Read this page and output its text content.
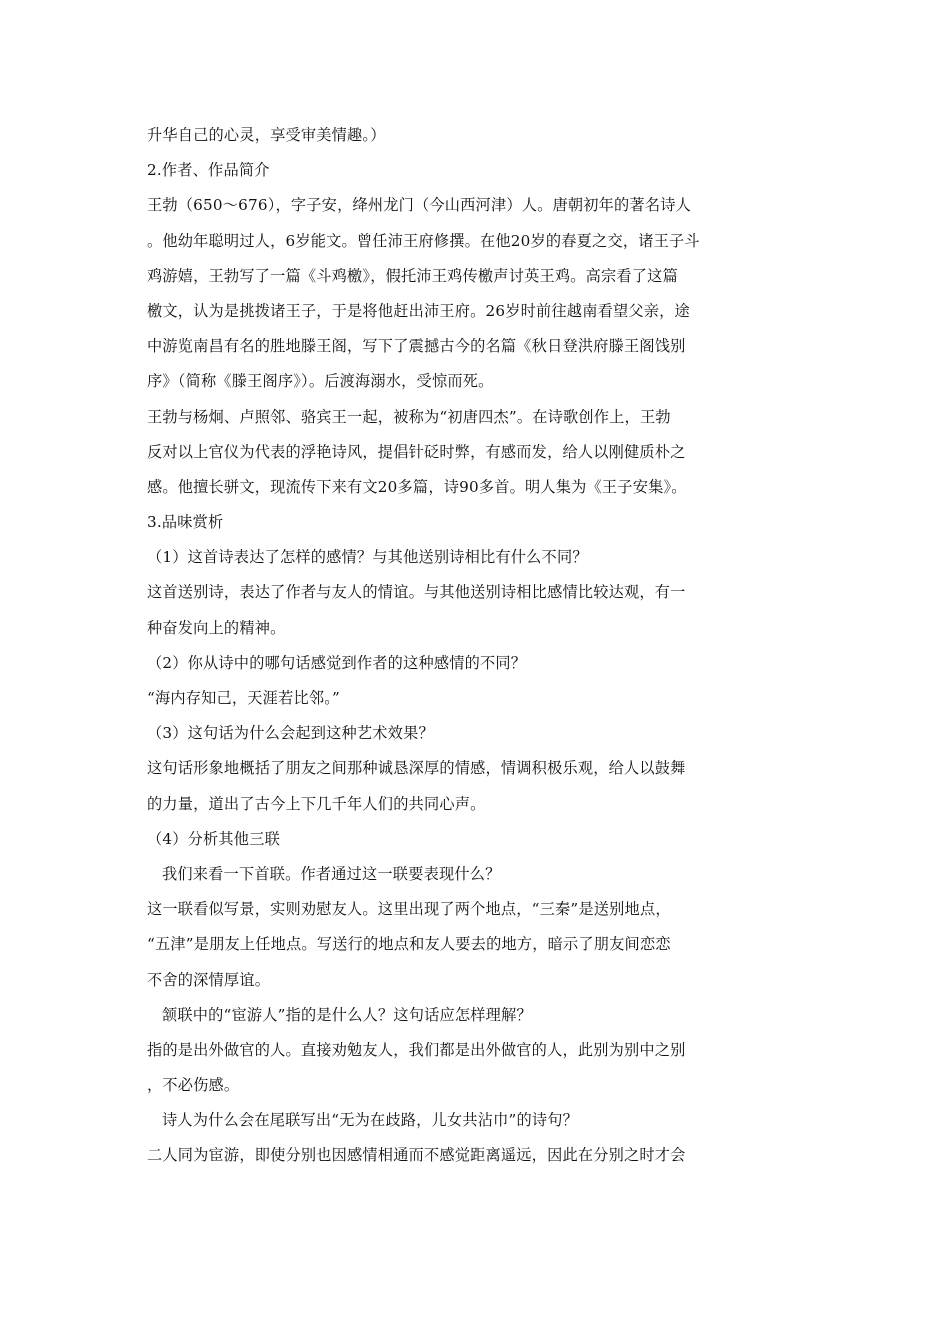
升华自己的心灵，享受审美情趣。）
2.作者、作品简介
王勃（650～676），字子安，绛州龙门（今山西河津）人。唐朝初年的著名诗人
。他幼年聪明过人，6岁能文。曾任沛王府修撰。在他20岁的春夏之交，诸王子斗
鸡游嬉，王勃写了一篇《斗鸡檄》，假托沛王鸡传檄声讨英王鸡。高宗看了这篇
檄文，认为是挑拨诸王子，于是将他赶出沛王府。26岁时前往越南看望父亲，途
中游览南昌有名的胜地滕王阁，写下了震撼古今的名篇《秋日登洪府滕王阁饯别
序》（简称《滕王阁序》）。后渡海溺水，受惊而死。
王勃与杨炯、卢照邻、骆宾王一起，被称为“初唐四杰”。在诗歌创作上，王勃
反对以上官仪为代表的浮艳诗风，提倡针砭时弊，有感而发，给人以刚健质朴之
感。他擅长骈文，现流传下来有文20多篇，诗90多首。明人集为《王子安集》。
3.品味赏析
（1）这首诗表达了怎样的感情？与其他送别诗相比有什么不同？
这首送别诗，表达了作者与友人的情谊。与其他送别诗相比感情比较达观，有一
种奋发向上的精神。
（2）你从诗中的哪句话感觉到作者的这种感情的不同？
“海内存知己，天涯若比邻。”
（3）这句话为什么会起到这种艺术效果？
这句话形象地概括了朋友之间那种诚恳深厚的情感，情调积极乐观，给人以鼓舞
的力量，道出了古今上下几千年人们的共同心声。
（4）分析其他三联
我们来看一下首联。作者通过这一联要表现什么？
这一联看似写景，实则劝慰友人。这里出现了两个地点，“三秦”是送别地点，
“五津”是朋友上任地点。写送行的地点和友人要去的地方，暗示了朋友间恋恋
不舍的深情厚谊。
颔联中的“宦游人”指的是什么人？这句话应怎样理解？
指的是出外做官的人。直接劝勉友人，我们都是出外做官的人，此别为别中之别
，不必伤感。
诗人为什么会在尾联写出“无为在歧路，儿女共沾巾”的诗句？
二人同为宦游，即使分别也因感情相通而不感觉距离遥远，因此在分别之时才会
